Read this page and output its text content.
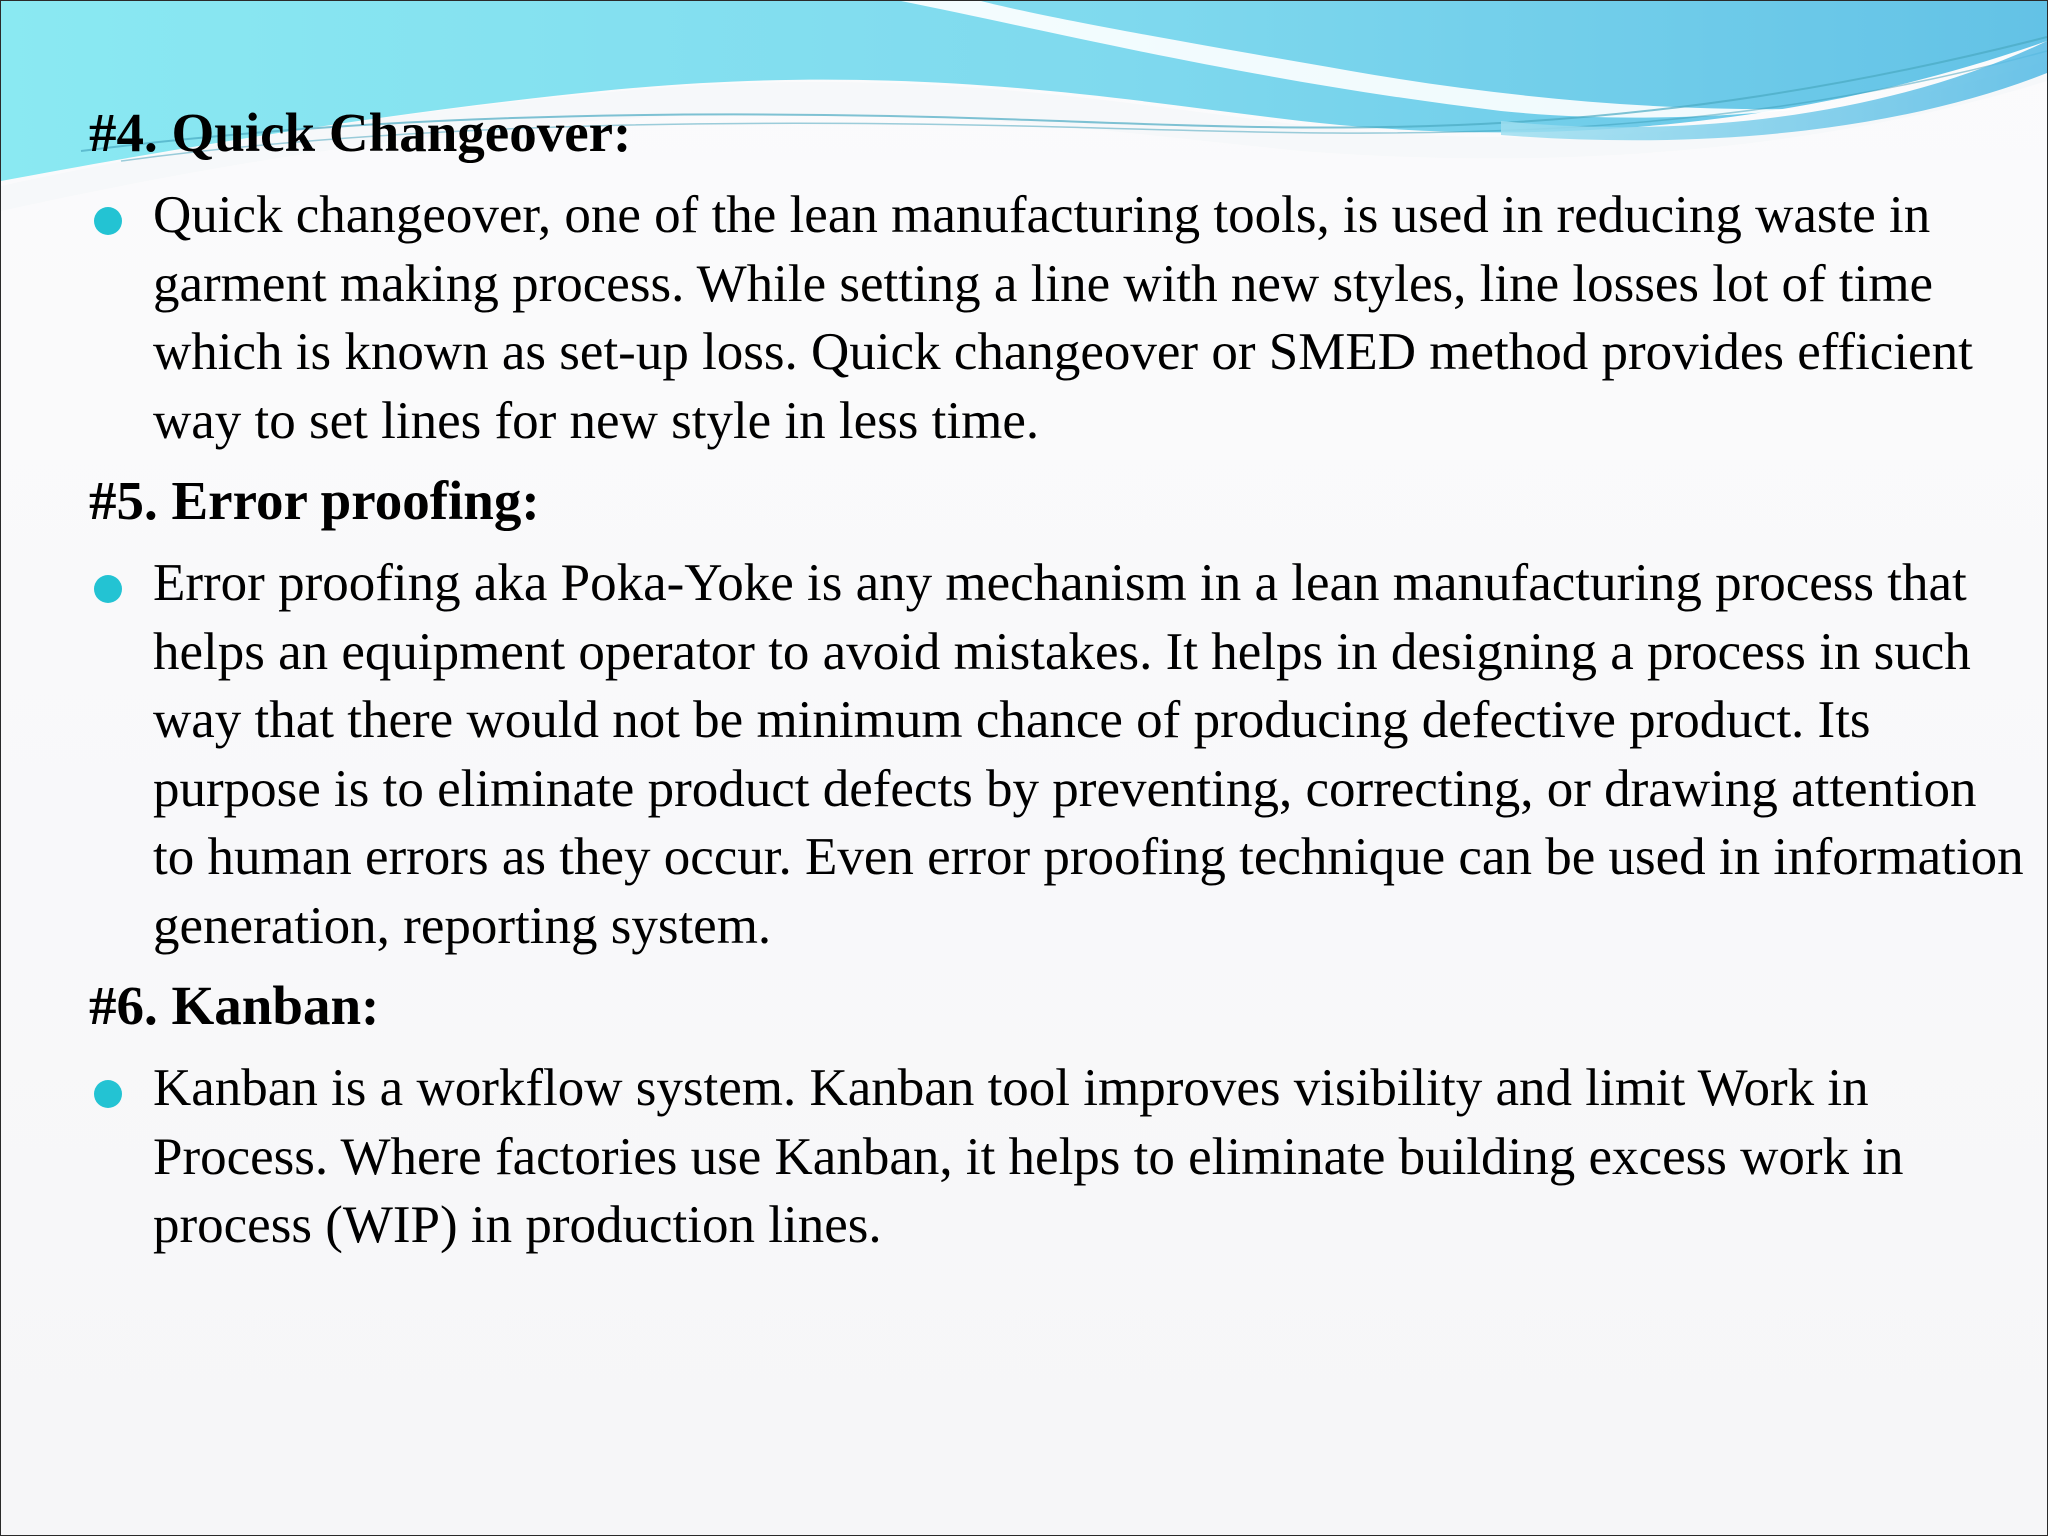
#4. Quick Changeover:
Quick changeover, one of the lean manufacturing tools, is used in reducing waste in garment making process. While setting a line with new styles, line losses lot of time which is known as set-up loss. Quick changeover or SMED method provides efficient way to set lines for new style in less time.
#5. Error proofing:
Error proofing aka Poka-Yoke is any mechanism in a lean manufacturing process that helps an equipment operator to avoid mistakes. It helps in designing a process in such way that there would not be minimum chance of producing defective product. Its purpose is to eliminate product defects by preventing, correcting, or drawing attention to human errors as they occur. Even error proofing technique can be used in information generation, reporting system.
#6. Kanban:
Kanban is a workflow system. Kanban tool improves visibility and limit Work in Process. Where factories use Kanban, it helps to eliminate building excess work in process (WIP) in production lines.
